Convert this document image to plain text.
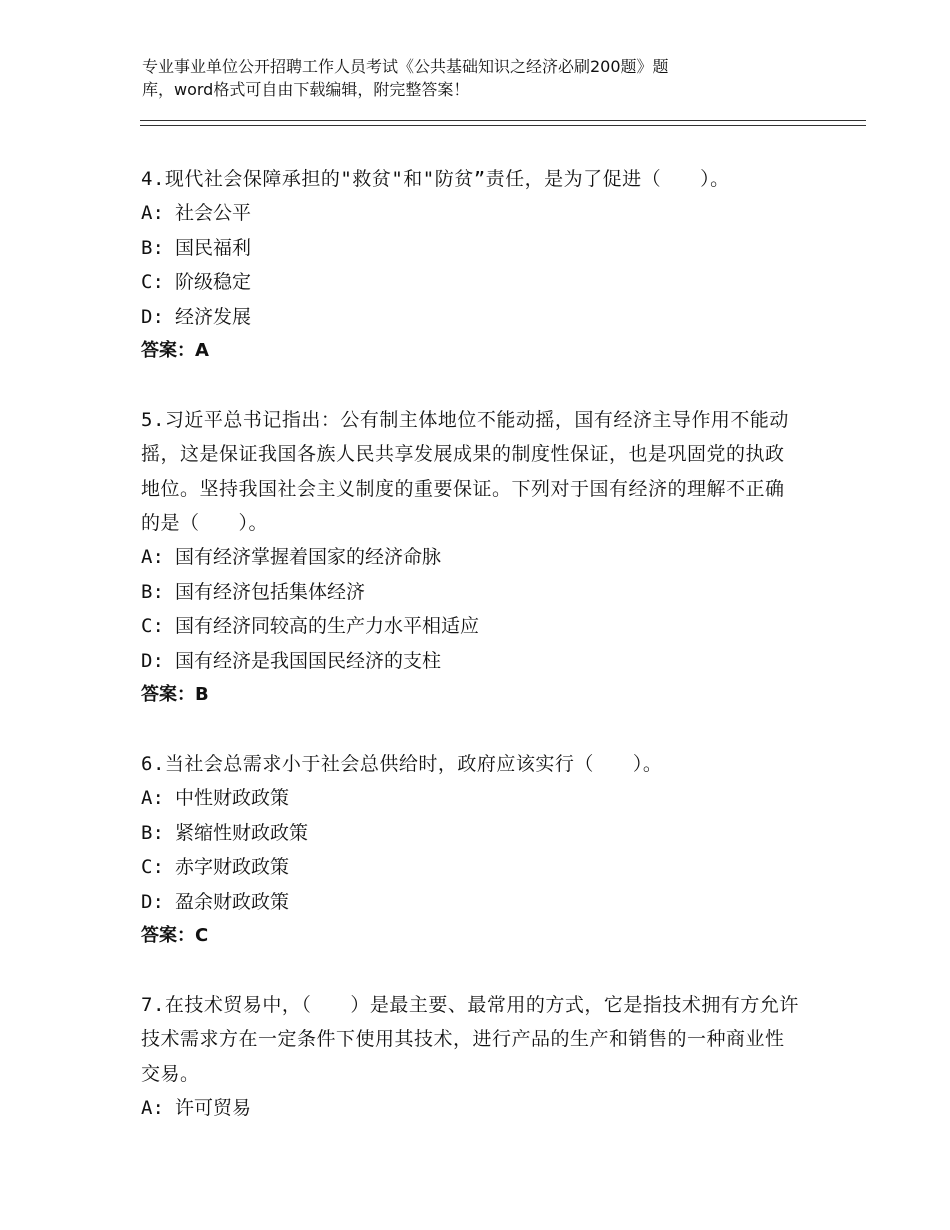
专业事业单位公开招聘工作人员考试《公共基础知识之经济必刷200题》题
库，word格式可自由下载编辑，附完整答案！

4.现代社会保障承担的"救贫"和"防贫”责任，是为了促进（　　）。

A: 社会公平

B: 国民福利

C: 阶级稳定

D: 经济发展

答案：A

5.习近平总书记指出：公有制主体地位不能动摇，国有经济主导作用不能动摇，这是保证我国各族人民共享发展成果的制度性保证，也是巩固党的执政地位。坚持我国社会主义制度的重要保证。下列对于国有经济的理解不正确的是（　　）。

A: 国有经济掌握着国家的经济命脉

B: 国有经济包括集体经济

C: 国有经济同较高的生产力水平相适应

D: 国有经济是我国国民经济的支柱

答案：B

6.当社会总需求小于社会总供给时，政府应该实行（　　）。

A: 中性财政政策

B: 紧缩性财政政策

C: 赤字财政政策

D: 盈余财政政策

答案：C

7.在技术贸易中，（　　）是最主要、最常用的方式，它是指技术拥有方允许技术需求方在一定条件下使用其技术，进行产品的生产和销售的一种商业性交易。

A: 许可贸易
